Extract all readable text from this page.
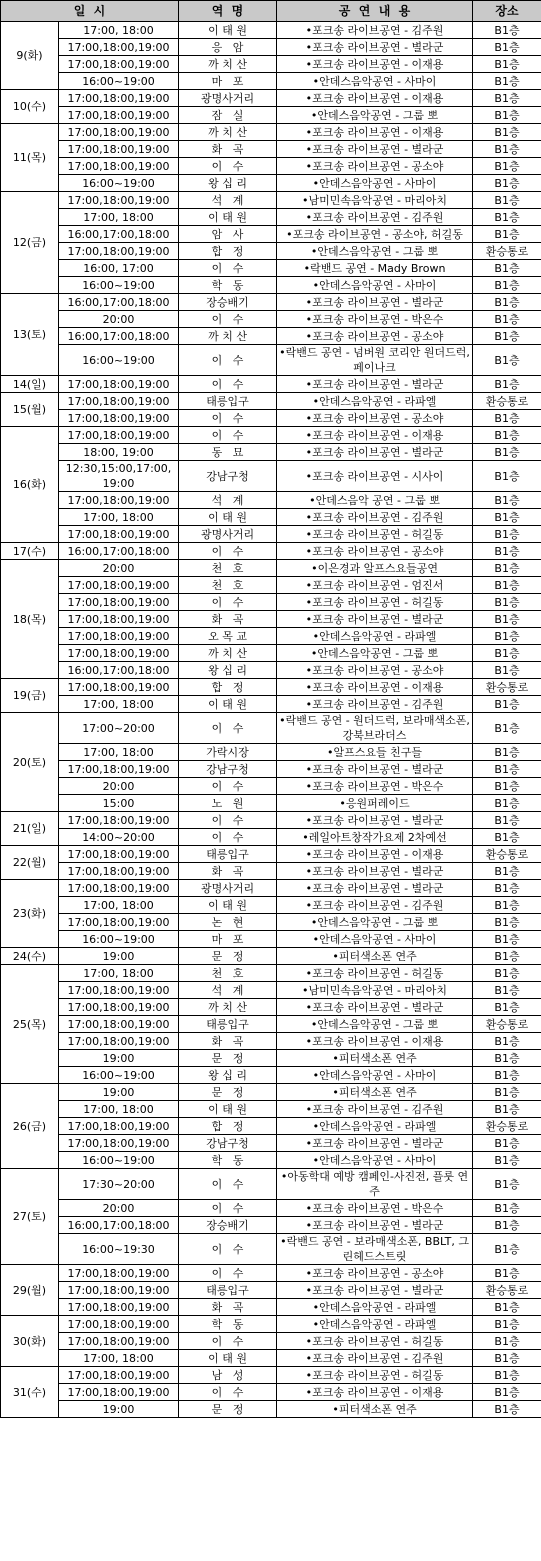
일  시		역  명	공  연  내  용	장소
9(화)	17:00, 18:00	이 태 원	•포크송 라이브공연 - 김주원	B1층
	17:00,18:00,19:00	응   암	•포크송 라이브공연 - 별라군	B1층
	17:00,18:00,19:00	까 치 산	•포크송 라이브공연 - 이재용	B1층
	16:00~19:00	마   포	•안데스음악공연 - 사마이	B1층
10(수)	17:00,18:00,19:00	광명사거리	•포크송 라이브공연 - 이재용	B1층
	17:00,18:00,19:00	잠   실	•안데스음악공연 - 그룹 뽀	B1층
11(목)	17:00,18:00,19:00	까 치 산	•포크송 라이브공연 - 이재용	B1층
	17:00,18:00,19:00	화   곡	•포크송 라이브공연 - 별라군	B1층
	17:00,18:00,19:00	이   수	•포크송 라이브공연 - 공소야	B1층
	16:00~19:00	왕 십 리	•안데스음악공연 - 사마이	B1층
12(금)	17:00,18:00,19:00	석   계	•남미민속음악공연 - 마리아치	B1층
	17:00, 18:00	이 태 원	•포크송 라이브공연 - 김주원	B1층
	16:00,17:00,18:00	암   사	•포크송 라이브공연 - 공소야, 허길동	B1층
	17:00,18:00,19:00	합   정	•안데스음악공연 - 그룹 뽀	환승통로
	16:00, 17:00	이   수	•락밴드 공연 - Mady Brown	B1층
	16:00~19:00	학   동	•안데스음악공연 - 사마이	B1층
13(토)	16:00,17:00,18:00	장승배기	•포크송 라이브공연 - 별라군	B1층
	20:00	이   수	•포크송 라이브공연 - 박은수	B1층
	16:00,17:00,18:00	까 치 산	•포크송 라이브공연 - 공소야	B1층
	16:00~19:00	이   수	•락밴드 공연 - 넘버원 코리안 원더드럭,페이나크	B1층
14(일)	17:00,18:00,19:00	이   수	•포크송 라이브공연 - 별라군	B1층
15(월)	17:00,18:00,19:00	태릉입구	•안데스음악공연 - 라파엘	환승통로
	17:00,18:00,19:00	이   수	•포크송 라이브공연 - 공소야	B1층
16(화)	17:00,18:00,19:00	이   수	•포크송 라이브공연 - 이재용	B1층
	18:00, 19:00	동   묘	•포크송 라이브공연 - 별라군	B1층
	12:30,15:00,17:00, 19:00	강남구청	•포크송 라이브공연 - 시사이	B1층
	17:00,18:00,19:00	석   계	•안데스음악 공연 - 그룹 뽀	B1층
	17:00, 18:00	이 태 원	•포크송 라이브공연 - 김주원	B1층
	17:00,18:00,19:00	광명사거리	•포크송 라이브공연 - 허길동	B1층
17(수)	16:00,17:00,18:00	이   수	•포크송 라이브공연 - 공소야	B1층
18(목)	20:00	천   호	•이은경과 알프스요들공연	B1층
	17:00,18:00,19:00	천   호	•포크송 라이브공연 - 엄진서	B1층
	17:00,18:00,19:00	이   수	•포크송 라이브공연 - 허길동	B1층
	17:00,18:00,19:00	화   곡	•포크송 라이브공연 - 별라군	B1층
	17:00,18:00,19:00	오 목 교	•안데스음악공연 - 라파엘	B1층
	17:00,18:00,19:00	까 치 산	•안데스음악공연 - 그룹 뽀	B1층
	16:00,17:00,18:00	왕 십 리	•포크송 라이브공연 - 공소야	B1층
19(금)	17:00,18:00,19:00	합   정	•포크송 라이브공연 - 이재용	환승통로
	17:00, 18:00	이 태 원	•포크송 라이브공연 - 김주원	B1층
20(토)	17:00~20:00	이   수	•락밴드 공연 - 원더드럭, 보라매색소폰,강북브라더스	B1층
	17:00, 18:00	가락시장	•알프스요들 친구들	B1층
	17:00,18:00,19:00	강남구청	•포크송 라이브공연 - 별라군	B1층
	20:00	이   수	•포크송 라이브공연 - 박은수	B1층
	15:00	노   원	•응원퍼레이드	B1층
21(일)	17:00,18:00,19:00	이   수	•포크송 라이브공연 - 별라군	B1층
	14:00~20:00	이   수	•레일아트창작가요제 2차예선	B1층
22(월)	17:00,18:00,19:00	태릉입구	•포크송 라이브공연 - 이재용	환승통로
	17:00,18:00,19:00	화   곡	•포크송 라이브공연 - 별라군	B1층
23(화)	17:00,18:00,19:00	광명사거리	•포크송 라이브공연 - 별라군	B1층
	17:00, 18:00	이 태 원	•포크송 라이브공연 - 김주원	B1층
	17:00,18:00,19:00	논   현	•안데스음악공연 - 그룹 뽀	B1층
	16:00~19:00	마   포	•안데스음악공연 - 사마이	B1층
24(수)	19:00	문   정	•피터색소폰 연주	B1층
25(목)	17:00, 18:00	천   호	•포크송 라이브공연 - 허길동	B1층
	17:00,18:00,19:00	석   계	•남미민속음악공연 - 마리아치	B1층
	17:00,18:00,19:00	까 치 산	•포크송 라이브공연 - 별라군	B1층
	17:00,18:00,19:00	태릉입구	•안데스음악공연 - 그룹 뽀	환승통로
	17:00,18:00,19:00	화   곡	•포크송 라이브공연 - 이재용	B1층
	19:00	문   정	•피터색소폰 연주	B1층
	16:00~19:00	왕 십 리	•안데스음악공연 - 사마이	B1층
26(금)	19:00	문   정	•피터색소폰 연주	B1층
	17:00, 18:00	이 태 원	•포크송 라이브공연 - 김주원	B1층
	17:00,18:00,19:00	합   정	•안데스음악공연 - 라파엘	환승통로
	17:00,18:00,19:00	강남구청	•포크송 라이브공연 - 별라군	B1층
	16:00~19:00	학   동	•안데스음악공연 - 사마이	B1층
27(토)	17:30~20:00	이   수	•아동학대 예방 캠페인-사진전, 플룻 연주	B1층
	20:00	이   수	•포크송 라이브공연 - 박은수	B1층
	16:00,17:00,18:00	장승배기	•포크송 라이브공연 - 별라군	B1층
	16:00~19:30	이   수	•락밴드 공연 - 보라매색소폰, BBLT, 그린헤드스트릿	B1층
29(월)	17:00,18:00,19:00	이   수	•포크송 라이브공연 - 공소야	B1층
	17:00,18:00,19:00	태릉입구	•포크송 라이브공연 - 별라군	환승통로
	17:00,18:00,19:00	화   곡	•안데스음악공연 - 라파엘	B1층
30(화)	17:00,18:00,19:00	학   동	•안데스음악공연 - 라파엘	B1층
	17:00,18:00,19:00	이   수	•포크송 라이브공연 - 허길동	B1층
	17:00, 18:00	이 태 원	•포크송 라이브공연 - 김주원	B1층
31(수)	17:00,18:00,19:00	남   성	•포크송 라이브공연 - 허길동	B1층
	17:00,18:00,19:00	이   수	•포크송 라이브공연 - 이재용	B1층
	19:00	문   정	•피터색소폰 연주	B1층
